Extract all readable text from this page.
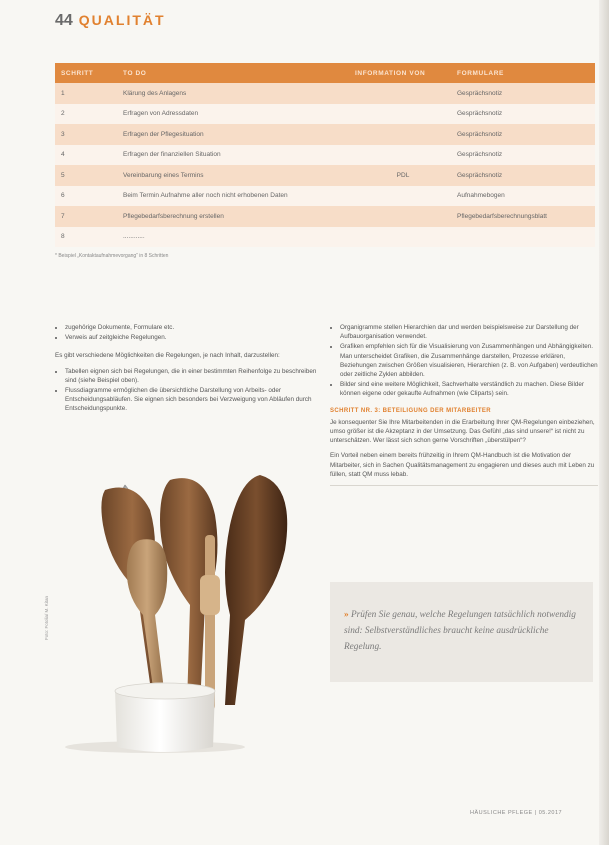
44 QUALITÄT
SCHRITT	TO DO	INFORMATION VON	FORMULARE
1	Klärung des Anlagens		Gesprächsnotiz
2	Erfragen von Adressdaten		Gesprächsnotiz
3	Erfragen der Pflegesituation		Gesprächsnotiz
4	Erfragen der finanziellen Situation		Gesprächsnotiz
5	Vereinbarung eines Termins	PDL	Gesprächsnotiz
6	Beim Termin Aufnahme aller noch nicht erhobenen Daten		Aufnahmebogen
7	Pflegebedarfsberechnung erstellen		Pflegebedarfsberechnungsblatt
8	............		
* Beispiel „Kontaktaufnahmevorgang“ in 8 Schritten
• zugehörige Dokumente, Formulare etc.
• Verweis auf zeitgleiche Regelungen.

Es gibt verschiedene Möglichkeiten die Regelungen, je nach Inhalt, darzustellen:

• Tabellen eignen sich bei Regelungen, die in einer bestimmten Reihenfolge zu beschreiben sind (siehe Beispiel oben).
• Flussdiagramme ermöglichen die übersichtliche Darstellung von Arbeits- oder Entscheidungsabläufen. Sie eignen sich besonders bei Verzweigung von Abläufen durch Entscheidungspunkte.
• Organigramme stellen Hierarchien dar und werden beispielsweise zur Darstellung der Aufbauorganisation verwendet.
• Grafiken empfehlen sich für die Visualisierung von Zusammenhängen und Abhängigkeiten. Man unterscheidet Grafiken, die Zusammenhänge darstellen, Prozesse erklären, Beziehungen zwischen Größen visualisieren, Hierarchien (z. B. von Aufgaben) verdeutlichen oder zeitliche Zyklen abbilden.
• Bilder sind eine weitere Möglichkeit, Sachverhalte verständlich zu machen. Diese Bilder können eigene oder gekaufte Aufnahmen (wie Cliparts) sein.
SCHRITT NR. 3: BETEILIGUNG DER MITARBEITER

Je konsequenter Sie Ihre Mitarbeitenden in die Erarbeitung Ihrer QM-Regelungen einbeziehen, umso größer ist die Akzeptanz in der Umsetzung. Das Gefühl „das sind unsere!“ ist nicht zu unterschätzen. Wer lässt sich schon gerne Vorschriften „überstülpen“?

Ein Vorteil neben einem bereits frühzeitig in Ihrem QM-Handbuch ist die Motivation der Mitarbeiter, sich in Sachen Qualitätsmanagement zu engagieren und dieses auch mit Leben zu füllen, statt QM muss lebab.

Foto: Fotolia/ M. Kitan	» Prüfen Sie genau, welche Regelungen tatsächlich notwendig sind: Selbstverständliches braucht keine ausdrückliche Regelung.
HÄUSLICHE PFLEGE | 05.2017
